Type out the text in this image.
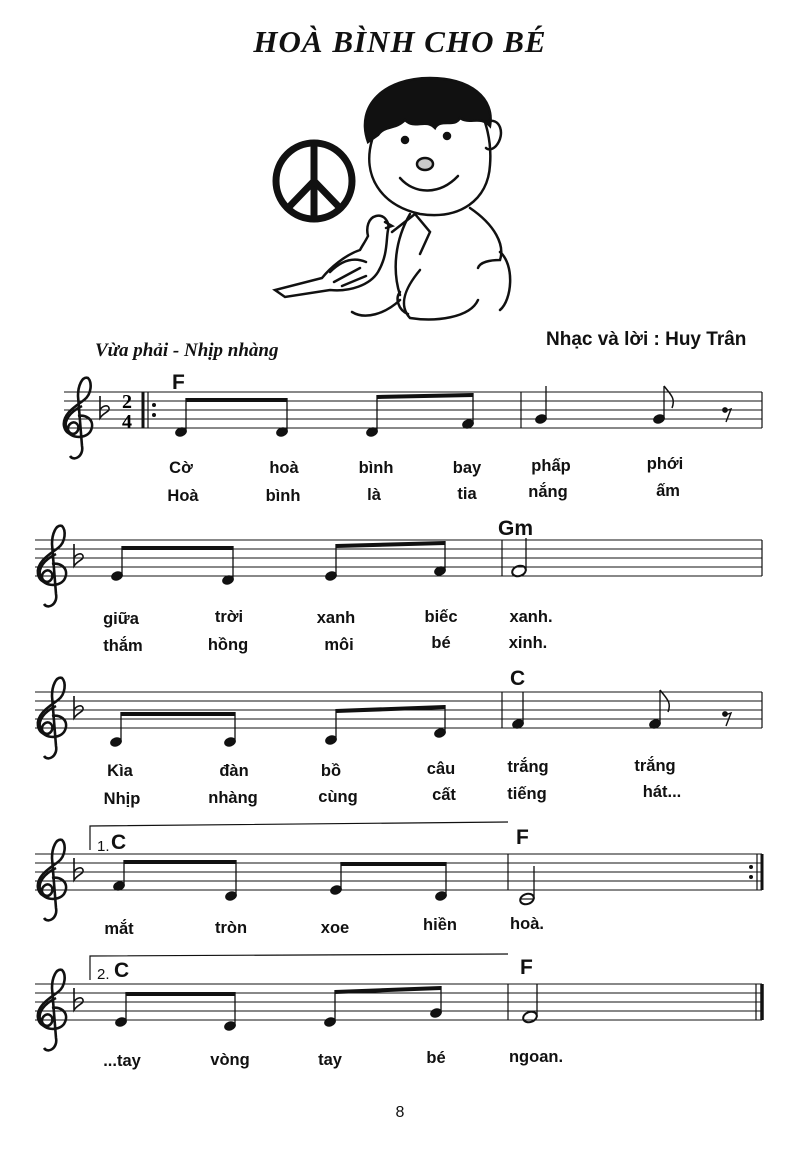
HOÀ BÌNH CHO BÉ
Vừa phải - Nhịp nhàng
Nhạc và lời : Huy Trân
2
4
F
Gm
C
1. C	F
2. C	F
Cờ	hoà	bình	bay	phấp	phới
Hoà	bình	là	tia	nắng	ấm
giữa	trời	xanh	biếc	xanh.
thắm	hồng	môi	bé	xinh.
Kìa	đàn	bồ	câu	trắng	trắng
Nhịp	nhàng	cùng	cất	tiếng	hát...
mắt	tròn	xoe	hiền	hoà.
...tay	vòng	tay	bé	ngoan.
8
